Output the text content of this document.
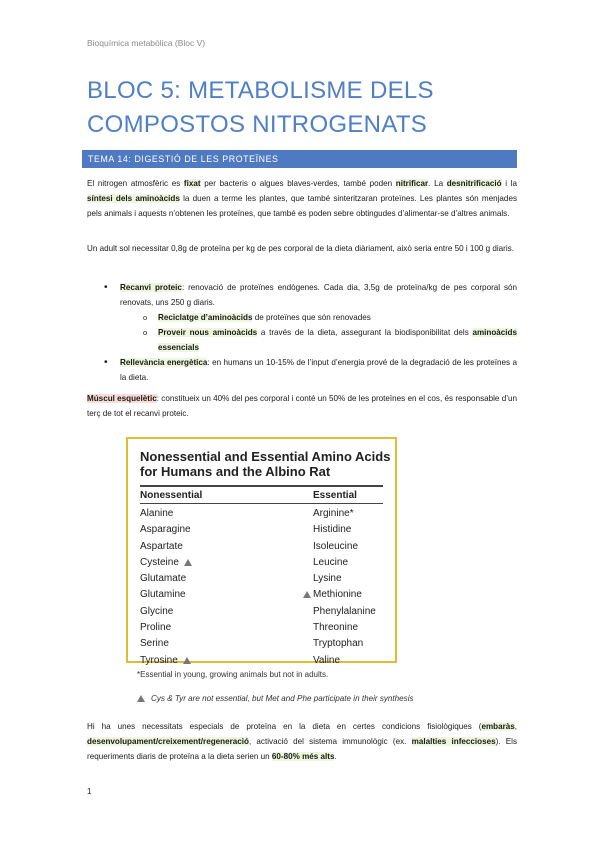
Bioquímica metabòlica (Bloc V)
BLOC 5: METABOLISME DELS COMPOSTOS NITROGENATS
TEMA 14: DIGESTIÓ DE LES PROTEÏNES
El nitrogen atmosfèric es fixat per bacteris o algues blaves-verdes, també poden nitrificar. La desnitrificació i la síntesi dels aminoàcids la duen a terme les plantes, que també sinteritzaran proteïnes. Les plantes són menjades pels animals i aquests n’obtenen les proteïnes, que també es poden sebre obtingudes d’alimentar-se d’altres animals.
Un adult sol necessitar 0,8g de proteïna per kg de pes corporal de la dieta diàriament, això seria entre 50 i 100 g diaris.
• Recanvi proteic: renovació de proteïnes endògenes. Cada dia, 3,5g de proteïna/kg de pes corporal són renovats, uns 250 g diaris.
o Reciclatge d’aminoàcids de proteïnes que són renovades
o Proveir nous aminoàcids a través de la dieta, assegurant la biodisponibilitat dels aminoàcids essencials
• Rellevància energètica: en humans un 10-15% de l’input d’energia prové de la degradació de les proteïnes a la dieta.
Múscul esquelètic: constitueix un 40% del pes corporal i conté un 50% de les proteïnes en el cos, és responsable d’un terç de tot el recanvi proteic.
Nonessential and Essential Amino Acids
for Humans and the Albino Rat
Nonessential	Essential
Alanine
Asparagine
Aspartate
Cysteine
Glutamate
Glutamine
Glycine
Proline
Serine
Tyrosine
Arginine*
Histidine
Isoleucine
Leucine
Lysine
Methionine
Phenylalanine
Threonine
Tryptophan
Valine
*Essential in young, growing animals but not in adults.
Cys & Tyr are not essential, but Met and Phe participate in their synthesis
Hi ha unes necessitats especials de proteïna en la dieta en certes condicions fisiològiques (embaràs, desenvolupament/creixement/regeneració, activació del sistema immunològic (ex. malalties infeccioses). Els requeriments diaris de proteïna a la dieta serien un 60-80% més alts.
1
